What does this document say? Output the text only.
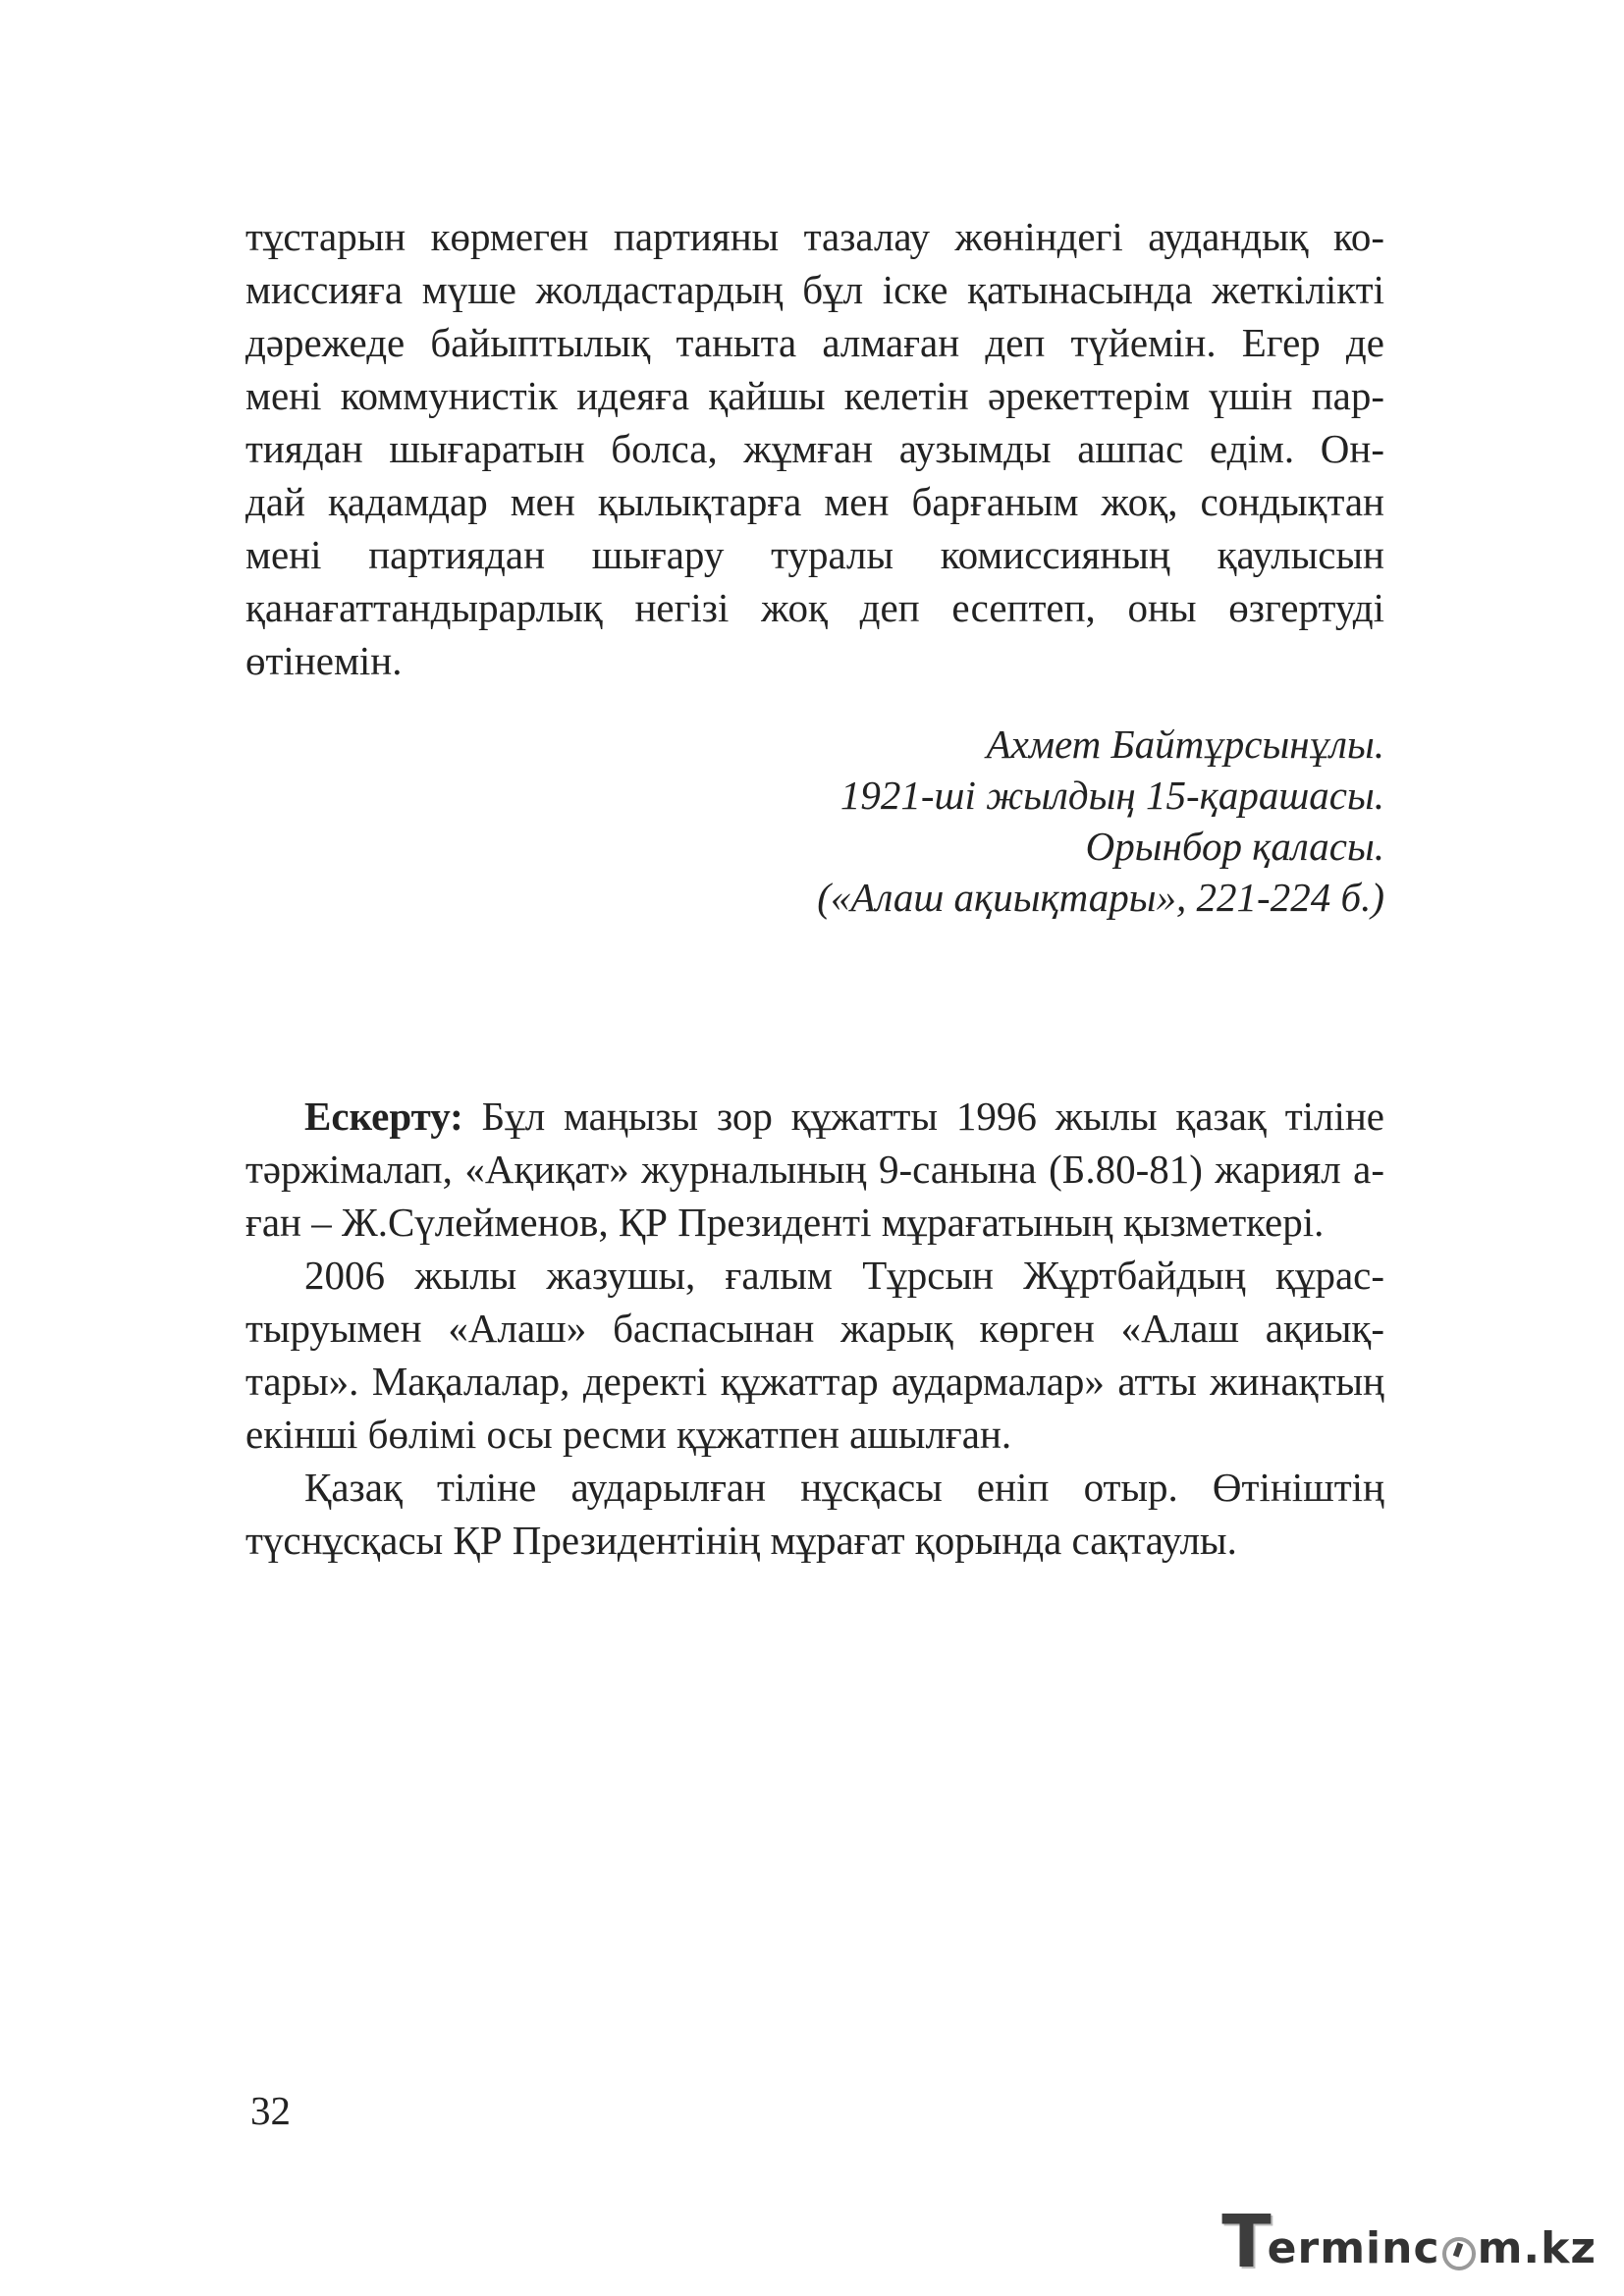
тұстарын көрмеген партияны тазалау жөніндегі аудандық ко-
миссияға мүше жолдастардың бұл іске қатынасында жеткілікті
дәрежеде байыптылық таныта алмаған деп түйемін. Егер де
мені коммунистік идеяға қайшы келетін әрекеттерім үшін пар-
тиядан шығаратын болса, жұмған аузымды ашпас едім. Он-
дай қадамдар мен қылықтарға мен барғаным жоқ, сондықтан
мені партиядан шығару туралы комиссияның қаулысын
қанағаттандырарлық негізі жоқ деп есептеп, оны өзгертуді
өтінемін.
Ахмет Байтұрсынұлы.
1921-ші жылдың 15-қарашасы.
Орынбор қаласы.
(«Алаш ақиықтары», 221-224 б.)
Ескерту: Бұл маңызы зор құжатты 1996 жылы қазақ тіліне
тәржімалап, «Ақиқат» журналының 9-санына (Б.80-81) жариял а-
ған – Ж.Сүлейменов, ҚР Президенті мұрағатының қызметкері.
2006 жылы жазушы, ғалым Тұрсын Жұртбайдың құрас-
тыруымен «Алаш» баспасынан жарық көрген «Алаш ақиық-
тары». Мақалалар, деректі құжаттар аудармалар» атты жинақтың
екінші бөлімі осы ресми құжатпен ашылған.
Қазақ тіліне аударылған нұсқасы еніп отыр. Өтініштің
түснұсқасы ҚР Президентінің мұрағат қорында сақтаулы.
32
T
erminc m.kz
